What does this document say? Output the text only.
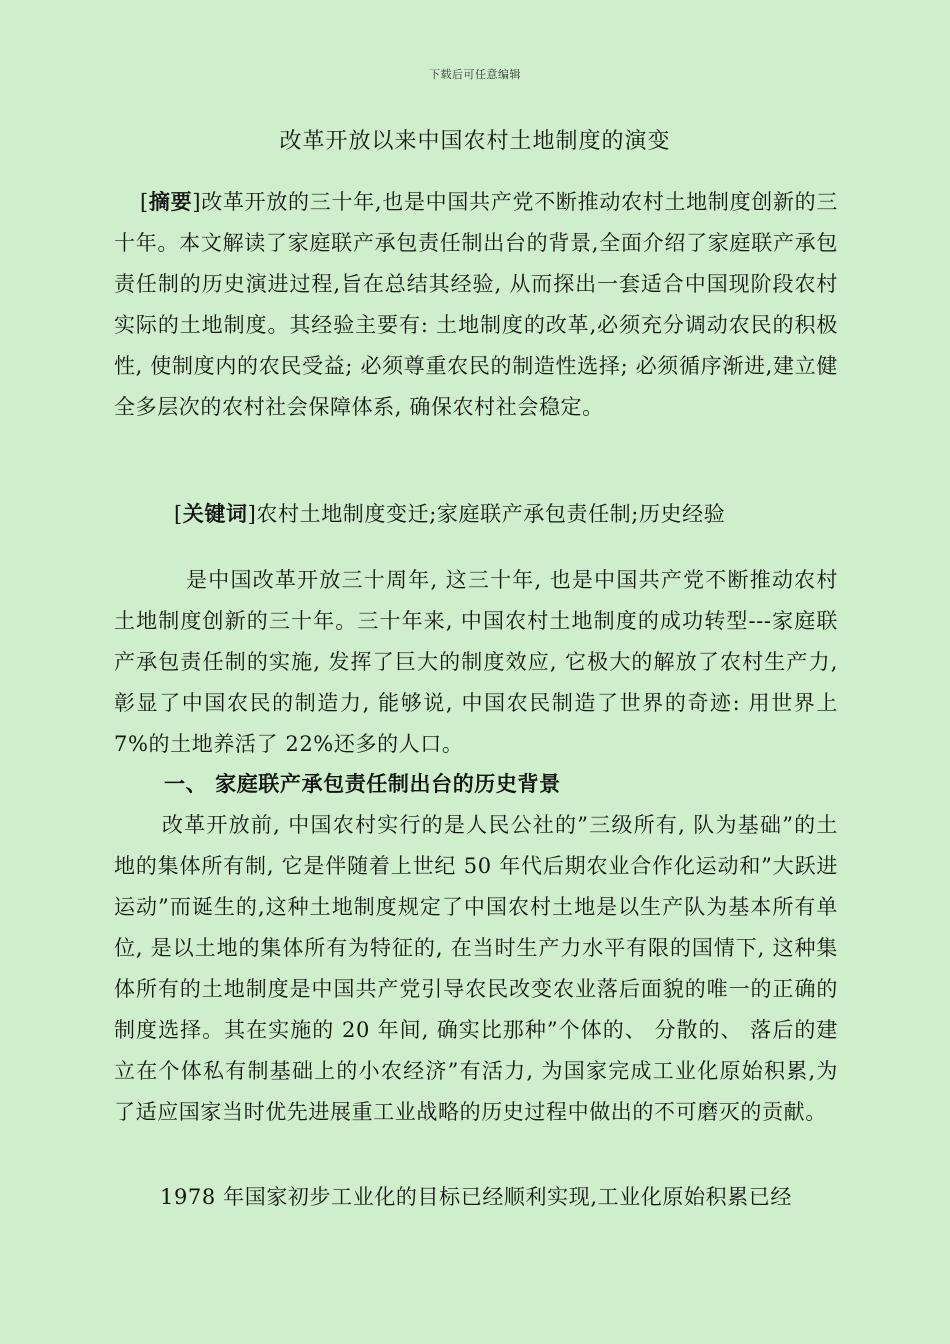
下载后可任意编辑
改革开放以来中国农村土地制度的演变
[摘要]改革开放的三十年,也是中国共产党不断推动农村土地制度创新的三十年。本文解读了家庭联产承包责任制出台的背景,全面介绍了家庭联产承包责任制的历史演进过程,旨在总结其经验, 从而探出一套适合中国现阶段农村实际的土地制度。其经验主要有: 土地制度的改革,必须充分调动农民的积极性, 使制度内的农民受益; 必须尊重农民的制造性选择; 必须循序渐进,建立健全多层次的农村社会保障体系, 确保农村社会稳定。
[关键词]农村土地制度变迁;家庭联产承包责任制;历史经验
是中国改革开放三十周年, 这三十年, 也是中国共产党不断推动农村土地制度创新的三十年。三十年来, 中国农村土地制度的成功转型---家庭联产承包责任制的实施, 发挥了巨大的制度效应, 它极大的解放了农村生产力, 彰显了中国农民的制造力, 能够说, 中国农民制造了世界的奇迹: 用世界上 7%的土地养活了 22%还多的人口。
一、 家庭联产承包责任制出台的历史背景
改革开放前, 中国农村实行的是人民公社的”三级所有, 队为基础”的土地的集体所有制, 它是伴随着上世纪 50 年代后期农业合作化运动和”大跃进运动”而诞生的,这种土地制度规定了中国农村土地是以生产队为基本所有单位, 是以土地的集体所有为特征的, 在当时生产力水平有限的国情下, 这种集体所有的土地制度是中国共产党引导农民改变农业落后面貌的唯一的正确的制度选择。其在实施的 20 年间, 确实比那种”个体的、 分散的、 落后的建立在个体私有制基础上的小农经济”有活力, 为国家完成工业化原始积累,为了适应国家当时优先进展重工业战略的历史过程中做出的不可磨灭的贡献。
1978 年国家初步工业化的目标已经顺利实现,工业化原始积累已经
